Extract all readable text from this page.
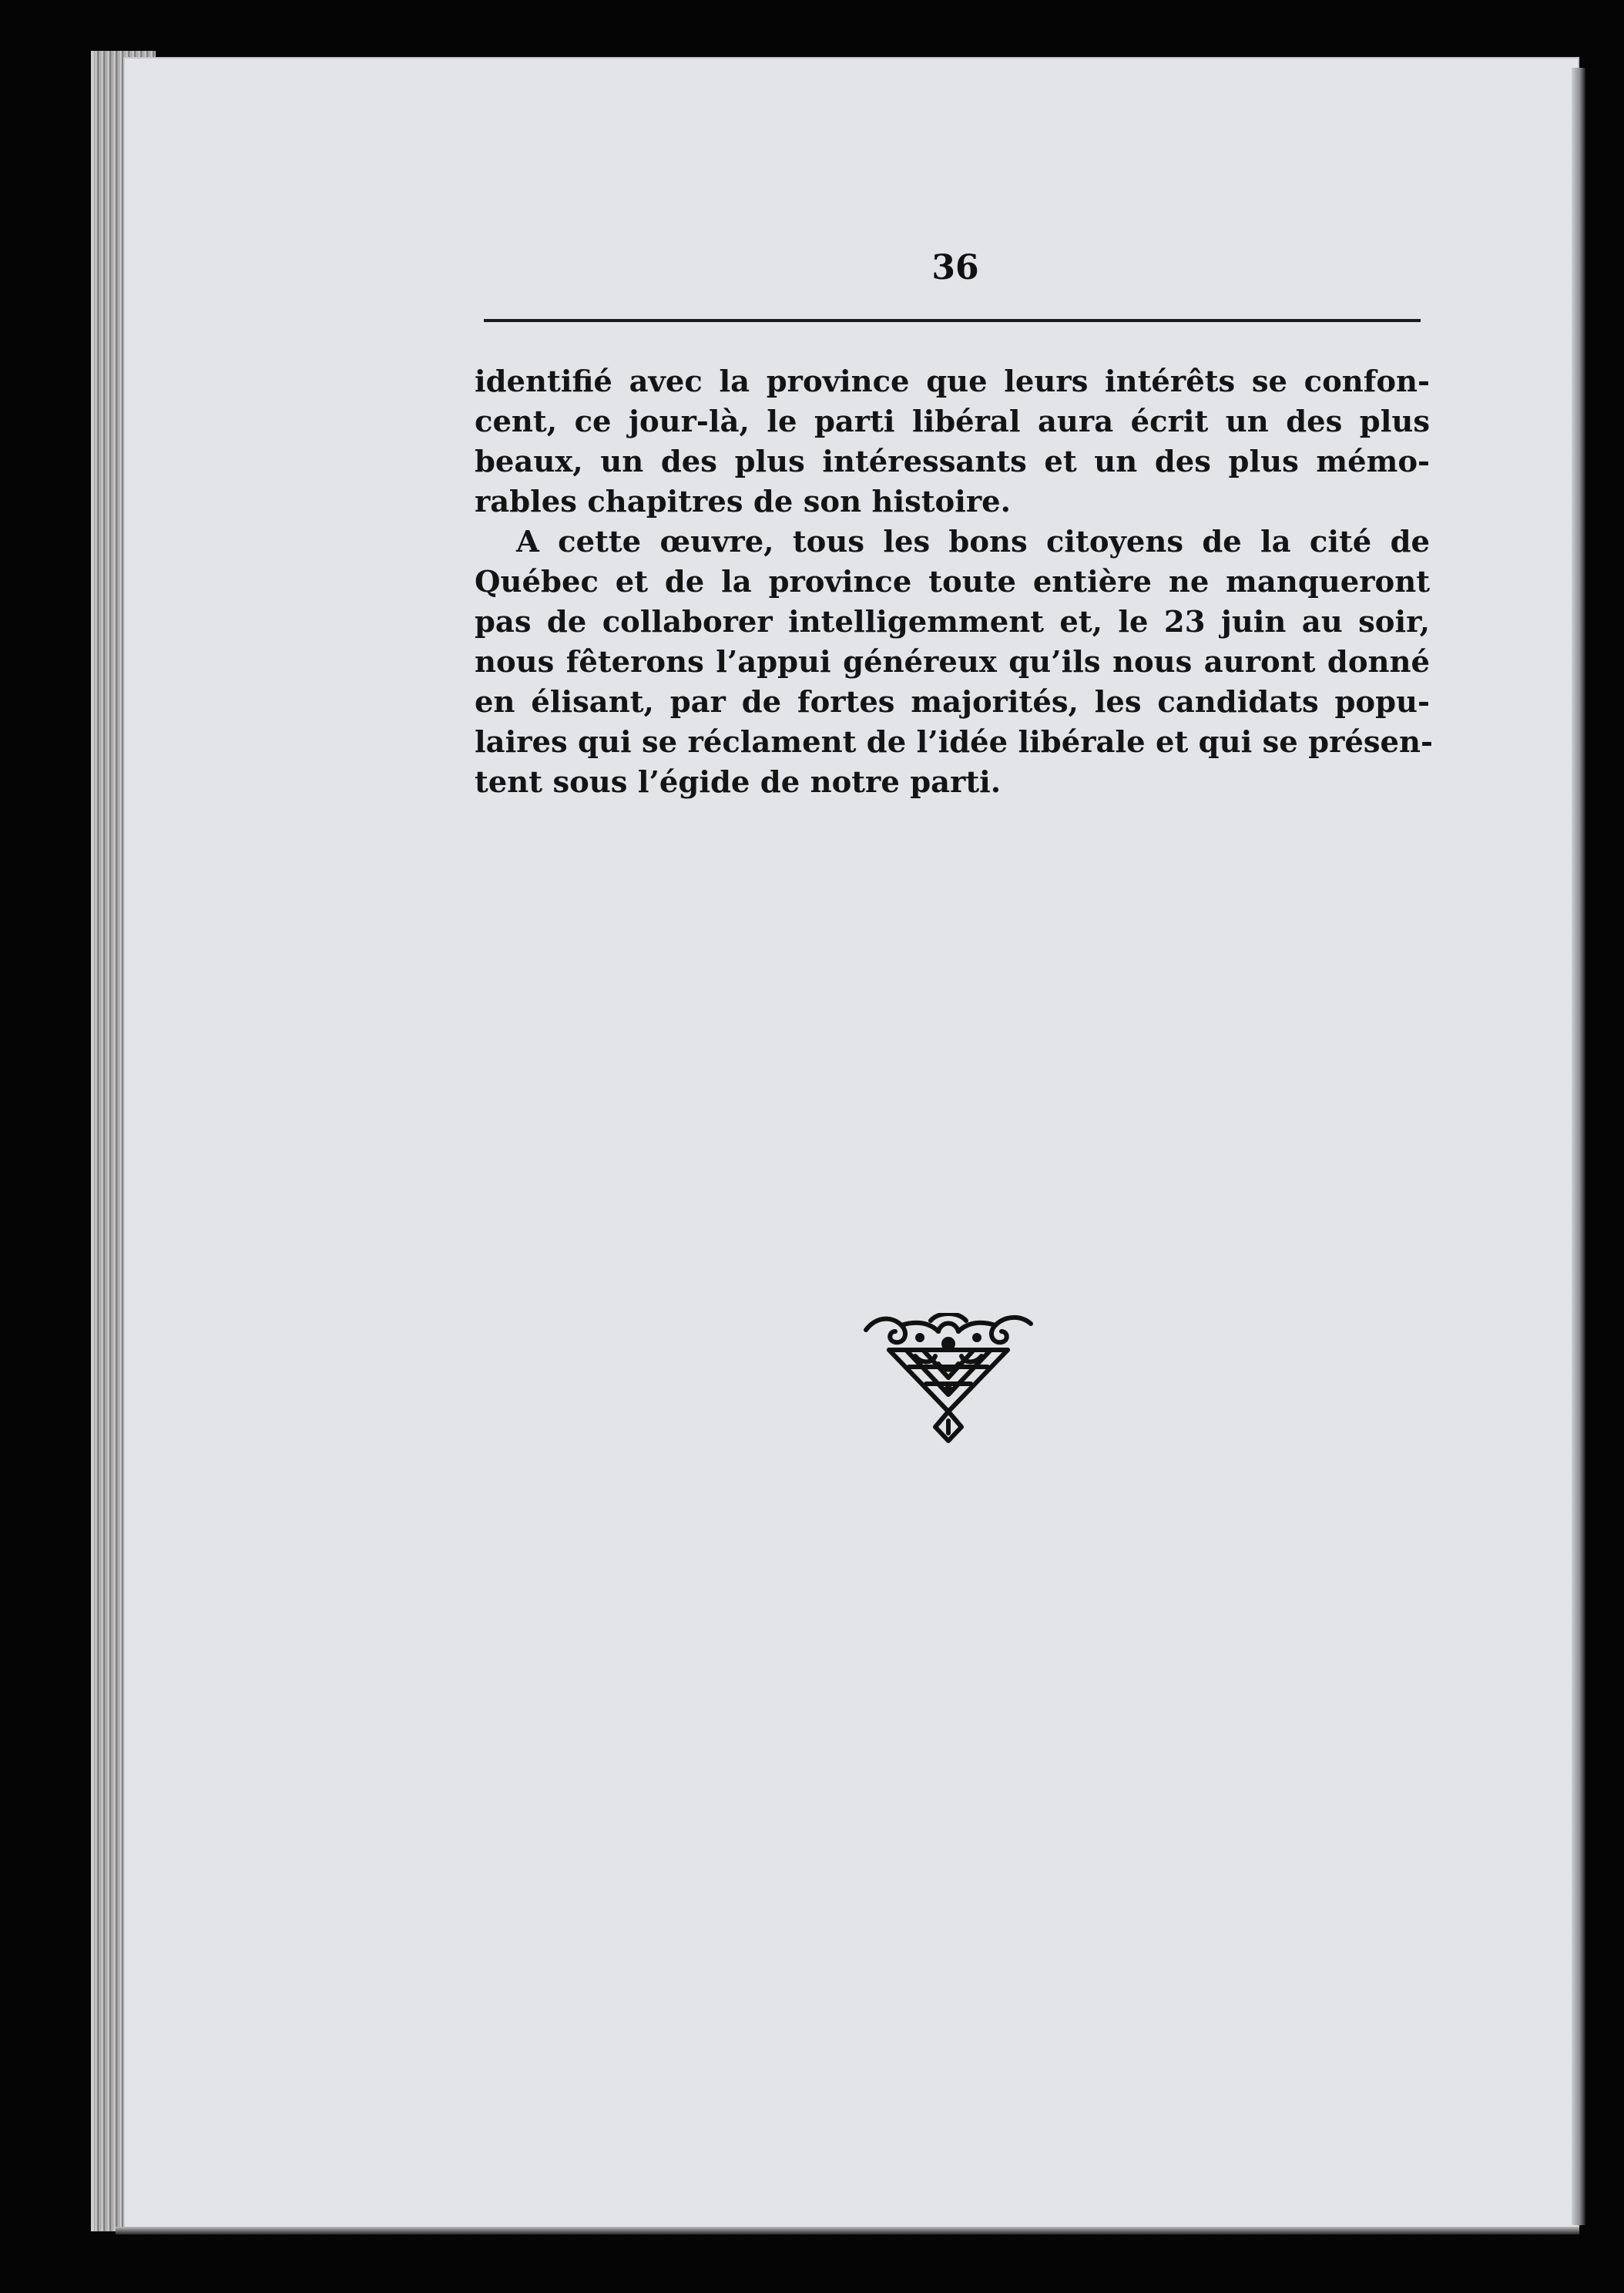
36
identifié avec la province que leurs intérêts se confon-
cent, ce jour-là, le parti libéral aura écrit un des plus
beaux, un des plus intéressants et un des plus mémo-
rables chapitres de son histoire.
A cette œuvre, tous les bons citoyens de la cité de
Québec et de la province toute entière ne manqueront
pas de collaborer intelligemment et, le 23 juin au soir,
nous fêterons l’appui généreux qu’ils nous auront donné
en élisant, par de fortes majorités, les candidats popu-
laires qui se réclament de l’idée libérale et qui se présen-
tent sous l’égide de notre parti.
